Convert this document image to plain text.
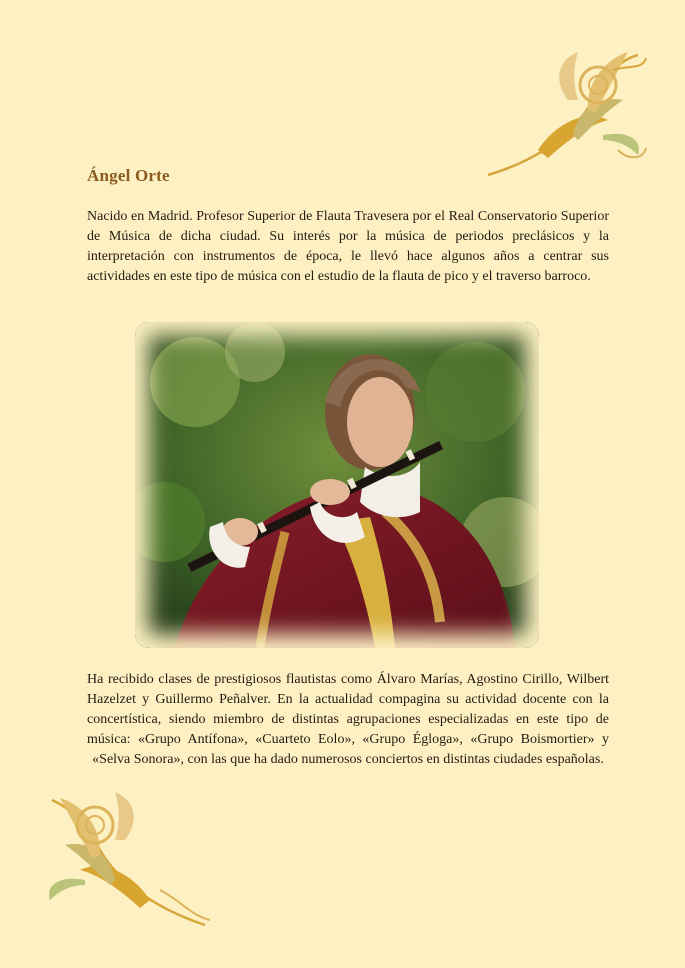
Ángel Orte

Nacido en Madrid. Profesor Superior de Flauta Travesera por el Real Conservatorio Superior de Música de dicha ciudad. Su interés por la música de periodos preclásicos y la interpretación con instrumentos de época, le llevó hace algunos años a centrar sus actividades en este tipo de música con el estudio de la flauta de pico y el traverso barroco.

Ha recibido clases de prestigiosos flautistas como Álvaro Marías, Agostino Cirillo, Wilbert Hazelzet y Guillermo Peñalver. En la actualidad compagina su actividad docente con la concertística, siendo miembro de distintas agrupaciones especializadas en este tipo de música: «Grupo Antífona», «Cuarteto Eolo», «Grupo Égloga», «Grupo Boismortier» y «Selva Sonora», con las que ha dado numerosos conciertos en distintas ciudades españolas.
